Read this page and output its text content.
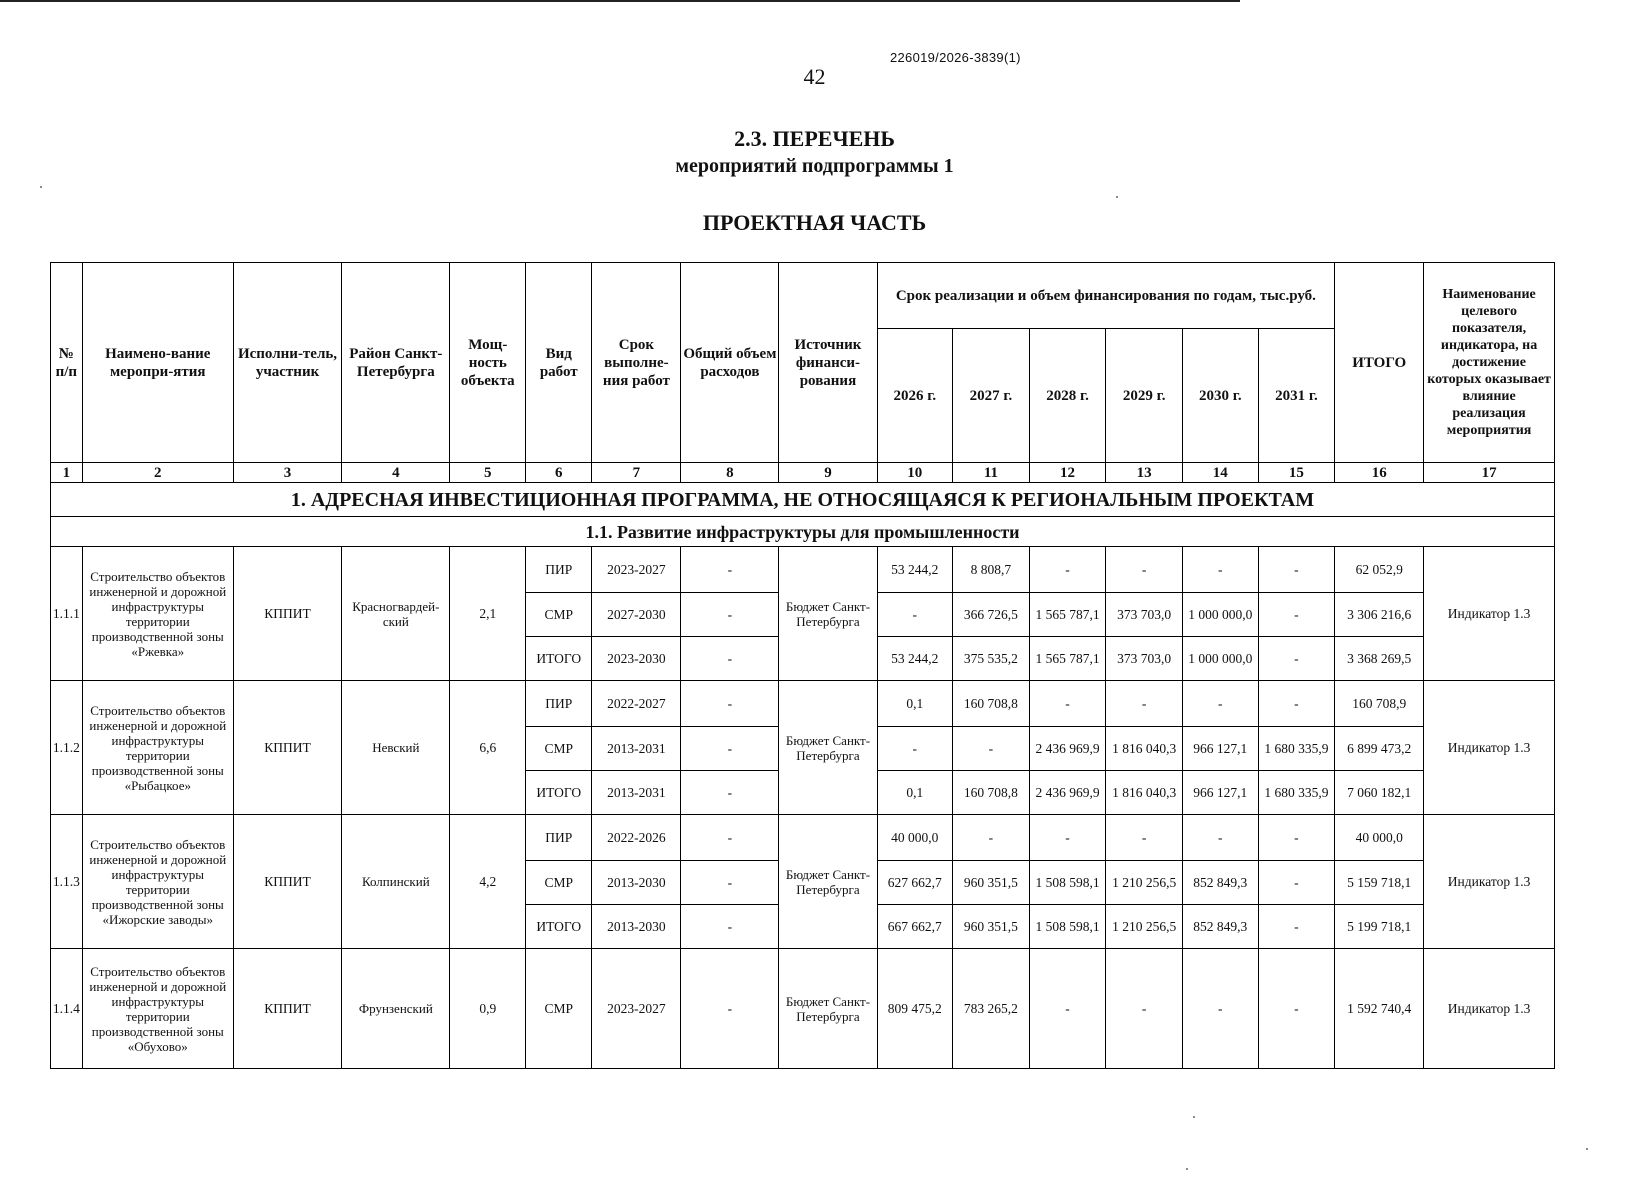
42
226019/2026-3839(1)
2.3. ПЕРЕЧЕНЬ
мероприятий подпрограммы 1
ПРОЕКТНАЯ ЧАСТЬ
№ п/п	Наимено-вание меропри-ятия	Исполни-тель, участник	Район Санкт-Петербурга	Мощ-ность объекта	Вид работ	Срок выполне-ния работ	Общий объем расходов	Источник финанси-рования	Срок реализации и объем финансирования по годам, тыс.руб.						ИТОГО	Наименование целевого показателя, индикатора, на достижение которых оказывает влияние реализация мероприятия
									2026 г.	2027 г.	2028 г.	2029 г.	2030 г.	2031 г.		
1	2	3	4	5	6	7	8	9	10	11	12	13	14	15	16	17
1. АДРЕСНАЯ ИНВЕСТИЦИОННАЯ ПРОГРАММА, НЕ ОТНОСЯЩАЯСЯ К РЕГИОНАЛЬНЫМ ПРОЕКТАМ																
1.1. Развитие инфраструктуры для промышленности																
1.1.1	Строительство объектов инженерной и дорожной инфраструктуры территории производственной зоны «Ржевка»	КППИТ	Красногвардей-ский	2,1	ПИР	2023-2027	-	Бюджет Санкт-Петербурга	53 244,2	8 808,7	-	-	-	-	62 052,9	Индикатор 1.3
					СМР	2027-2030	-		-	366 726,5	1 565 787,1	373 703,0	1 000 000,0	-	3 306 216,6	
					ИТОГО	2023-2030	-		53 244,2	375 535,2	1 565 787,1	373 703,0	1 000 000,0	-	3 368 269,5	
1.1.2	Строительство объектов инженерной и дорожной инфраструктуры территории производственной зоны «Рыбацкое»	КППИТ	Невский	6,6	ПИР	2022-2027	-	Бюджет Санкт-Петербурга	0,1	160 708,8	-	-	-	-	160 708,9	Индикатор 1.3
					СМР	2013-2031	-		-	-	2 436 969,9	1 816 040,3	966 127,1	1 680 335,9	6 899 473,2	
					ИТОГО	2013-2031	-		0,1	160 708,8	2 436 969,9	1 816 040,3	966 127,1	1 680 335,9	7 060 182,1	
1.1.3	Строительство объектов инженерной и дорожной инфраструктуры территории производственной зоны «Ижорские заводы»	КППИТ	Колпинский	4,2	ПИР	2022-2026	-	Бюджет Санкт-Петербурга	40 000,0	-	-	-	-	-	40 000,0	Индикатор 1.3
					СМР	2013-2030	-		627 662,7	960 351,5	1 508 598,1	1 210 256,5	852 849,3	-	5 159 718,1	
					ИТОГО	2013-2030	-		667 662,7	960 351,5	1 508 598,1	1 210 256,5	852 849,3	-	5 199 718,1	
1.1.4	Строительство объектов инженерной и дорожной инфраструктуры территории производственной зоны «Обухово»	КППИТ	Фрунзенский	0,9	СМР	2023-2027	-	Бюджет Санкт-Петербурга	809 475,2	783 265,2	-	-	-	-	1 592 740,4	Индикатор 1.3
